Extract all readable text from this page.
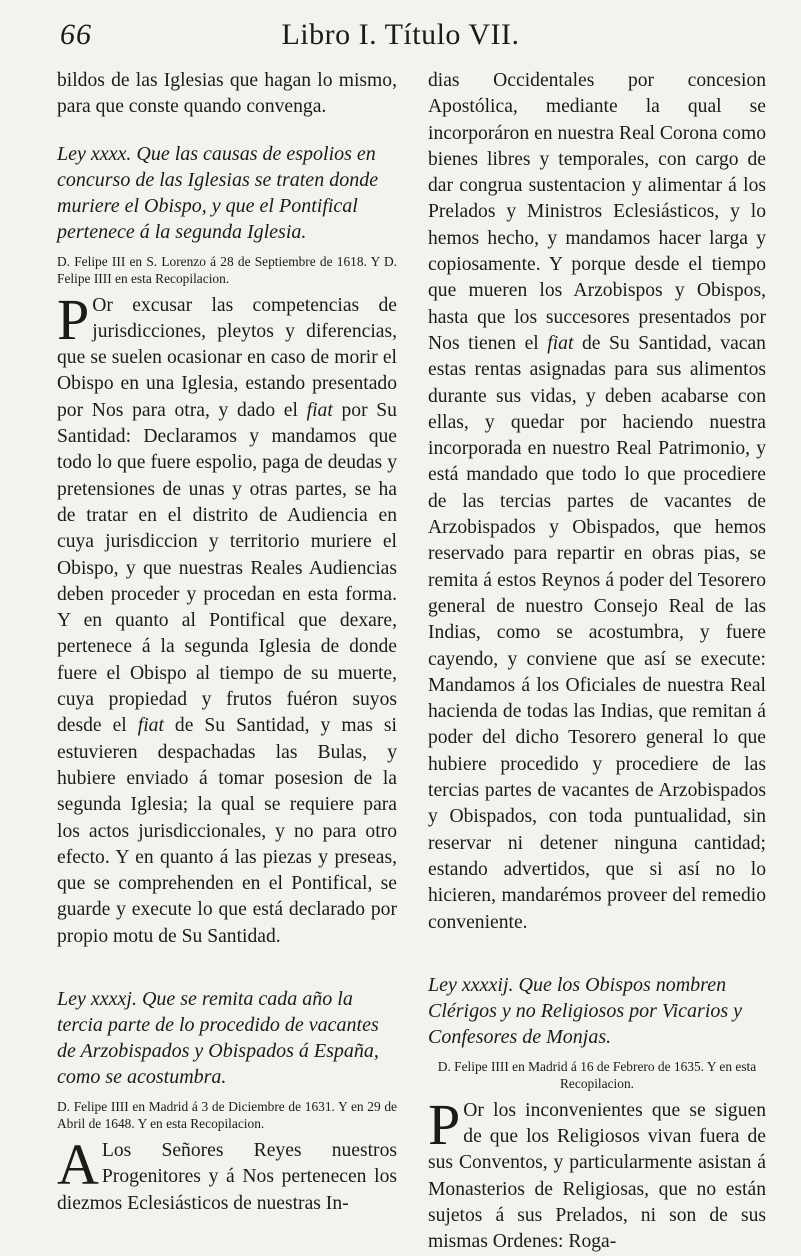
66	Libro I. Título VII.

bildos de las Iglesias que hagan lo mismo, para que conste quando convenga.

Ley xxxx. Que las causas de espolios en concurso de las Iglesias se traten donde muriere el Obispo, y que el Pontifical pertenece á la segunda Iglesia.
D. Felipe III en S. Lorenzo á 28 de Septiembre de 1618. Y D. Felipe IIII en esta Recopilacion.

P Or excusar las competencias de jurisdicciones, pleytos y diferencias, que se suelen ocasionar en caso de morir el Obispo en una Iglesia, estando presentado por Nos para otra, y dado el fiat por Su Santidad: Declaramos y mandamos que todo lo que fuere espolio, paga de deudas y pretensiones de unas y otras partes, se ha de tratar en el distrito de Audiencia en cuya jurisdiccion y territorio muriere el Obispo, y que nuestras Reales Audiencias deben proceder y procedan en esta forma. Y en quanto al Pontifical que dexare, pertenece á la segunda Iglesia de donde fuere el Obispo al tiempo de su muerte, cuya propiedad y frutos fuéron suyos desde el fiat de Su Santidad, y mas si estuvieren despachadas las Bulas, y hubiere enviado á tomar posesion de la segunda Iglesia; la qual se requiere para los actos jurisdiccionales, y no para otro efecto. Y en quanto á las piezas y preseas, que se comprehenden en el Pontifical, se guarde y execute lo que está declarado por propio motu de Su Santidad.

Ley xxxxj. Que se remita cada año la tercia parte de lo procedido de vacantes de Arzobispados y Obispados á España, como se acostumbra.
D. Felipe IIII en Madrid á 3 de Diciembre de 1631. Y en 29 de Abril de 1648. Y en esta Recopilacion.

A Los Señores Reyes nuestros Progenitores y á Nos pertenecen los diezmos Eclesiásticos de nuestras In-

dias Occidentales por concesion Apostólica, mediante la qual se incorporáron en nuestra Real Corona como bienes libres y temporales, con cargo de dar congrua sustentacion y alimentar á los Prelados y Ministros Eclesiásticos, y lo hemos hecho, y mandamos hacer larga y copiosamente. Y porque desde el tiempo que mueren los Arzobispos y Obispos, hasta que los succesores presentados por Nos tienen el fiat de Su Santidad, vacan estas rentas asignadas para sus alimentos durante sus vidas, y deben acabarse con ellas, y quedar por haciendo nuestra incorporada en nuestro Real Patrimonio, y está mandado que todo lo que procediere de las tercias partes de vacantes de Arzobispados y Obispados, que hemos reservado para repartir en obras pias, se remita á estos Reynos á poder del Tesorero general de nuestro Consejo Real de las Indias, como se acostumbra, y fuere cayendo, y conviene que así se execute: Mandamos á los Oficiales de nuestra Real hacienda de todas las Indias, que remitan á poder del dicho Tesorero general lo que hubiere procedido y procediere de las tercias partes de vacantes de Arzobispados y Obispados, con toda puntualidad, sin reservar ni detener ninguna cantidad; estando advertidos, que si así no lo hicieren, mandarémos proveer del remedio conveniente.

Ley xxxxij. Que los Obispos nombren Clérigos y no Religiosos por Vicarios y Confesores de Monjas.
D. Felipe IIII en Madrid á 16 de Febrero de 1635. Y en esta Recopilacion.

P Or los inconvenientes que se siguen de que los Religiosos vivan fuera de sus Conventos, y particularmente asistan á Monasterios de Religiosas, que no están sujetos á sus Prelados, ni son de sus mismas Ordenes: Roga-
